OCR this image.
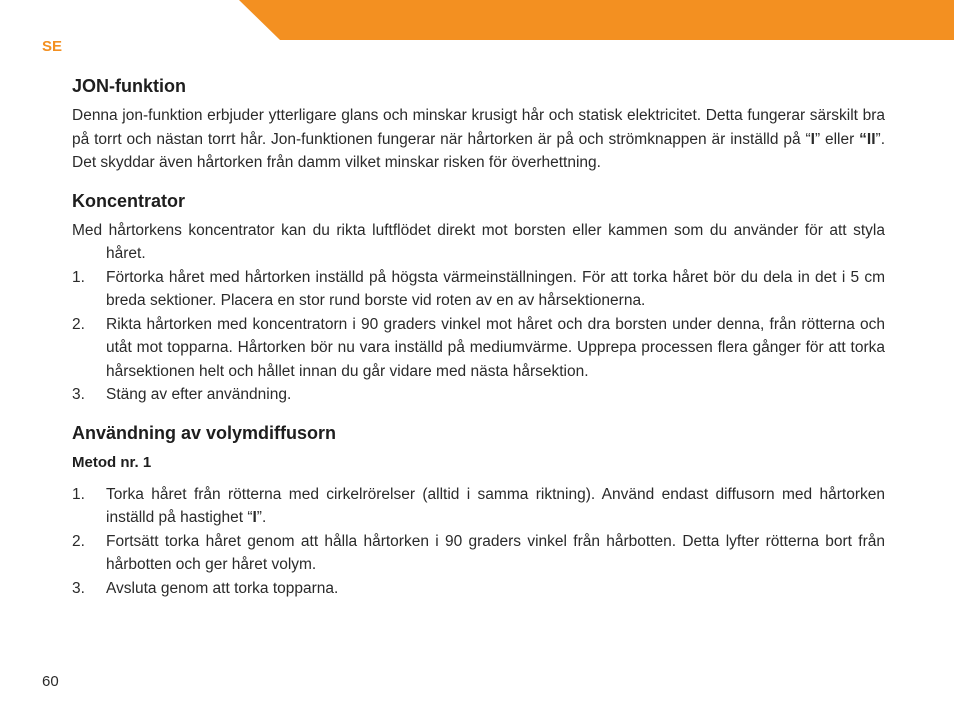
SE
JON-funktion

Denna jon-funktion erbjuder ytterligare glans och minskar krusigt hår och statisk elektricitet. Detta fungerar särskilt bra på torrt och nästan torrt hår. Jon-funktionen fungerar när hårtorken är på och strömknappen är inställd på “I” eller “II”. Det skyddar även hårtorken från damm vilket minskar risken för överhettning.

Koncentrator

Med hårtorkens koncentrator kan du rikta luftflödet direkt mot borsten eller kammen som du använder för att styla håret.

1. Förtorka håret med hårtorken inställd på högsta värmeinställningen. För att torka håret bör du dela in det i 5 cm breda sektioner. Placera en stor rund borste vid roten av en av hårsektionerna.
2. Rikta hårtorken med koncentratorn i 90 graders vinkel mot håret och dra borsten under denna, från rötterna och utåt mot topparna. Hårtorken bör nu vara inställd på mediumvärme. Upprepa processen flera gånger för att torka hårsektionen helt och hållet innan du går vidare med nästa hårsektion.
3. Stäng av efter användning.
Användning av volymdiffusorn
Metod nr. 1
1. Torka håret från rötterna med cirkelrörelser (alltid i samma riktning). Använd endast diffusorn med hårtorken inställd på hastighet “I”.
2. Fortsätt torka håret genom att hålla hårtorken i 90 graders vinkel från hårbotten. Detta lyfter rötterna bort från hårbotten och ger håret volym.
3. Avsluta genom att torka topparna.
60
